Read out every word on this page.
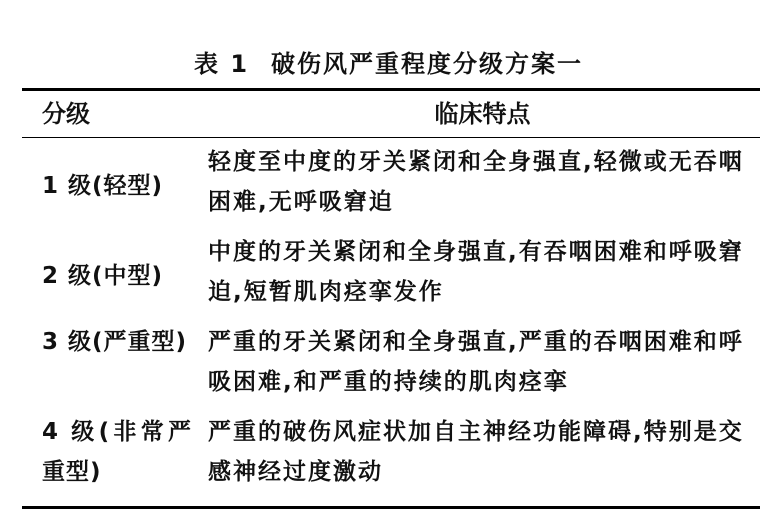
表 1 破伤风严重程度分级方案一
分级	临床特点
1 级(轻型)
轻度至中度的牙关紧闭和全身强直,轻微或无吞咽困难,无呼吸窘迫
2 级(中型)
中度的牙关紧闭和全身强直,有吞咽困难和呼吸窘迫,短暂肌肉痉挛发作
3 级(严重型) 严重的牙关紧闭和全身强直,严重的吞咽困难和呼吸困难,和严重的持续的肌肉痉挛
4 级(非常严重型)
严重的破伤风症状加自主神经功能障碍,特别是交感神经过度激动
